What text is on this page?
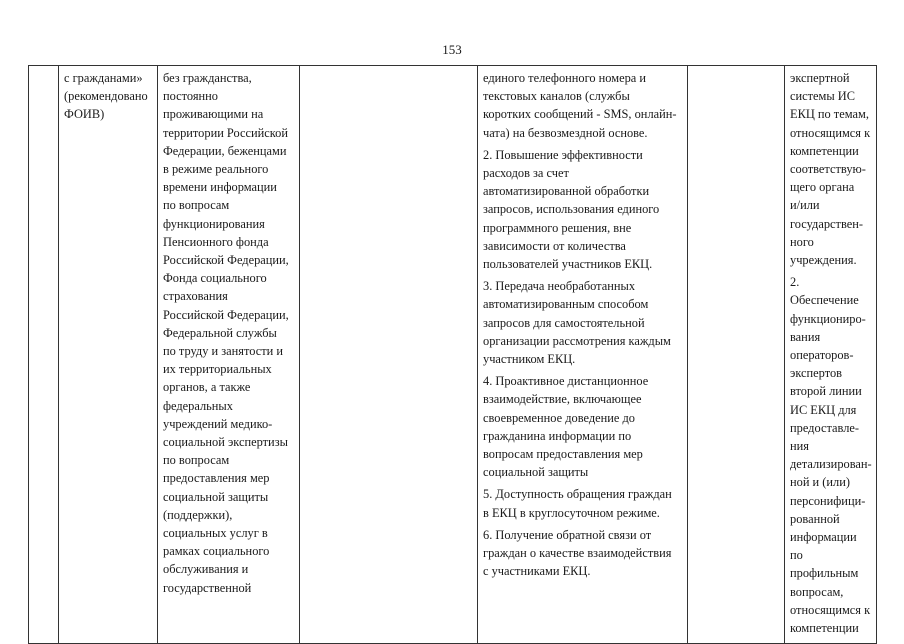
153

с гражданами»
(рекомендовано
ФОИВ)

без гражданства,
постоянно
проживающими на
территории Российской
Федерации, беженцами
в режиме реального
времени информации
по вопросам
функционирования
Пенсионного фонда
Российской Федерации,
Фонда социального
страхования
Российской Федерации,
Федеральной службы
по труду и занятости и
их территориальных
органов, а также
федеральных
учреждений медико-
социальной экспертизы
по вопросам
предоставления мер
социальной защиты
(поддержки),
социальных услуг в
рамках социального
обслуживания и
государственной

единого телефонного номера и
текстовых каналов (службы
коротких сообщений - SMS, онлайн-
чата) на безвозмездной основе.
2. Повышение эффективности
расходов за счет
автоматизированной обработки
запросов, использования единого
программного решения, вне
зависимости от количества
пользователей участников ЕКЦ.
3. Передача необработанных
автоматизированным способом
запросов для самостоятельной
организации рассмотрения каждым
участником ЕКЦ.
4. Проактивное дистанционное
взаимодействие, включающее
своевременное доведение до
гражданина информации по
вопросам предоставления мер
социальной защиты
5. Доступность обращения граждан
в ЕКЦ в круглосуточном режиме.
6. Получение обратной связи от
граждан о качестве взаимодействия
с участниками ЕКЦ.

экспертной
системы ИС
ЕКЦ по темам,
относящимся к
компетенции
соответствую-
щего органа
и/или
государствен-
ного
учреждения.
2. Обеспечение
функциониро-
вания
операторов-
экспертов
второй линии
ИС ЕКЦ для
предоставле-
ния
детализирован-
ной и (или)
персонифици-
рованной
информации по
профильным
вопросам,
относящимся к
компетенции
